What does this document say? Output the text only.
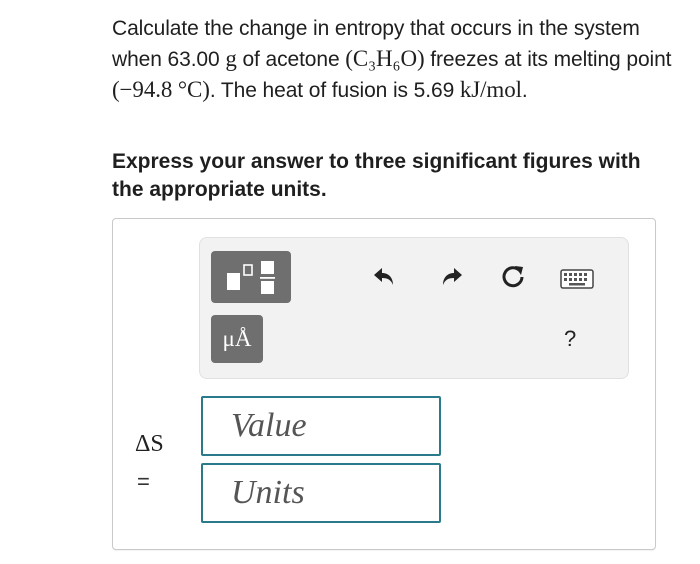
Calculate the change in entropy that occurs in the system when 63.00 g of acetone (C₃H₆O) freezes at its melting point (−94.8 °C). The heat of fusion is 5.69 kJ/mol.
Express your answer to three significant figures with the appropriate units.
μÅ	?
ΔS
=
Value
Units
